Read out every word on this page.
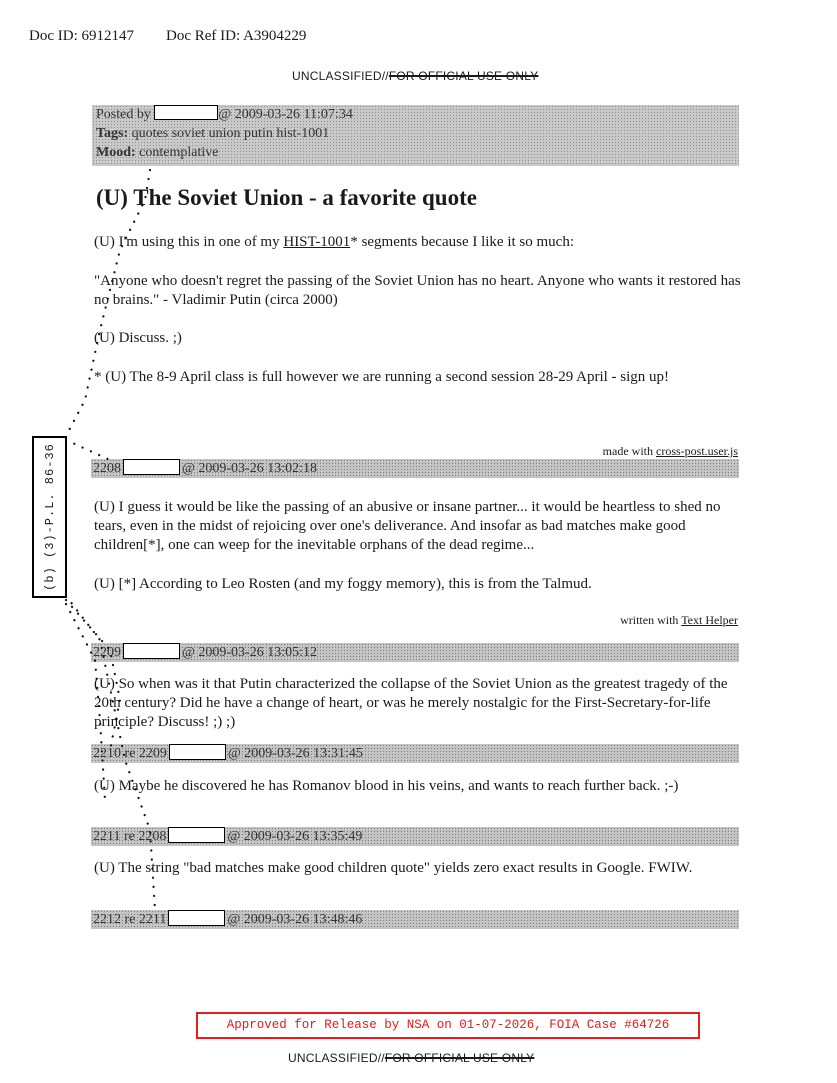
Doc ID: 6912147 Doc Ref ID: A3904229
UNCLASSIFIED//FOR OFFICIAL USE ONLY
Posted by	@ 2009-03-26 11:07:34
Tags: quotes soviet union putin hist-1001
Mood: contemplative
(U) The Soviet Union - a favorite quote
(U) I'm using this in one of my HIST-1001* segments because I like it so much:
"Anyone who doesn't regret the passing of the Soviet Union has no heart. Anyone who wants it restored has no brains." - Vladimir Putin (circa 2000)
(U) Discuss. ;)
* (U) The 8-9 April class is full however we are running a second session 28-29 April - sign up!
made with cross-post.user.js
2208	@ 2009-03-26 13:02:18
(U) I guess it would be like the passing of an abusive or insane partner... it would be heartless to shed no tears, even in the midst of rejoicing over one's deliverance. And insofar as bad matches make good children[*], one can weep for the inevitable orphans of the dead regime...
(U) [*] According to Leo Rosten (and my foggy memory), this is from the Talmud.
written with Text Helper
2209	@ 2009-03-26 13:05:12
(U) So when was it that Putin characterized the collapse of the Soviet Union as the greatest tragedy of the 20th century? Did he have a change of heart, or was he merely nostalgic for the First-Secretary-for-life principle? Discuss! ;) ;)
2210 re 2209	@ 2009-03-26 13:31:45
(U) Maybe he discovered he has Romanov blood in his veins, and wants to reach further back. ;-)
2211 re 2208	@ 2009-03-26 13:35:49
(U) The string "bad matches make good children quote" yields zero exact results in Google. FWIW.
2212 re 2211	@ 2009-03-26 13:48:46
(b) (3)-P.L. 86-36
Approved for Release by NSA on 01-07-2026, FOIA Case #64726
UNCLASSIFIED//FOR OFFICIAL USE ONLY
